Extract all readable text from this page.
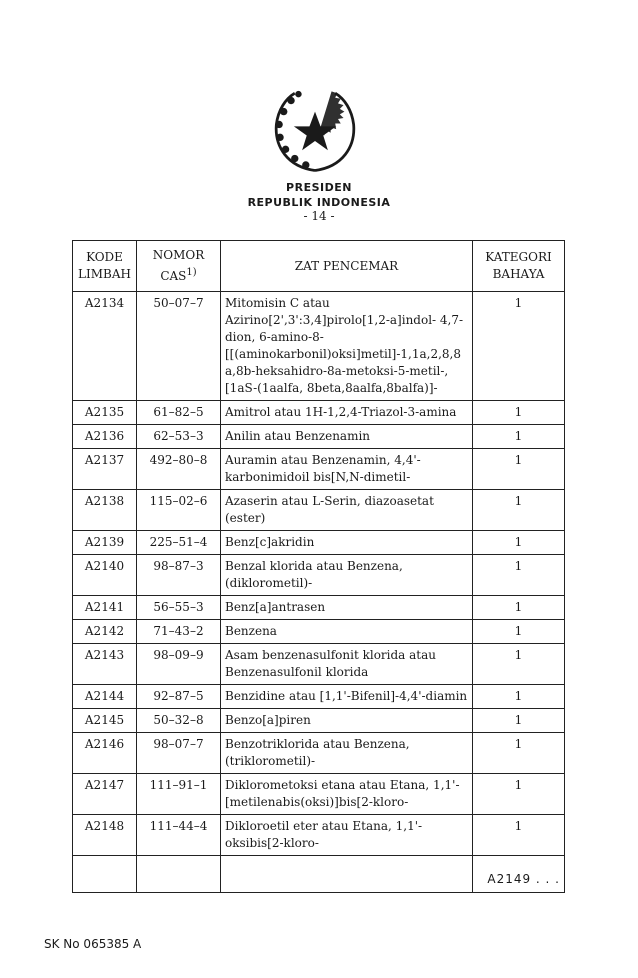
PRESIDEN
REPUBLIK INDONESIA
- 14 -
KODE LIMBAH	NOMOR CAS$^{1)}$	ZAT PENCEMAR	KATEGORI BAHAYA
A2134	50–07–7	Mitomisin C atau Azirino[2',3':3,4]pirolo[1,2-a]indol- 4,7-dion, 6-amino-8-[[(aminokarbonil)oksi]metil]-1,1a,2,8,8a,8b-heksahidro-8a-metoksi-5-metil-, [1aS-(1aalfa, 8beta,8aalfa,8balfa)]-	1
A2135	61–82–5	Amitrol atau 1H-1,2,4-Triazol-3-amina	1
A2136	62–53–3	Anilin atau Benzenamin	1
A2137	492–80–8	Auramin atau Benzenamin, 4,4'-karbonimidoil bis[N,N-dimetil-	1
A2138	115–02–6	Azaserin atau L-Serin, diazoasetat (ester)	1
A2139	225–51–4	Benz[c]akridin	1
A2140	98–87–3	Benzal klorida atau Benzena, (diklorometil)-	1
A2141	56–55–3	Benz[a]antrasen	1
A2142	71–43–2	Benzena	1
A2143	98–09–9	Asam benzenasulfonit klorida atau Benzenasulfonil klorida	1
A2144	92–87–5	Benzidine atau [1,1'-Bifenil]-4,4'-diamin	1
A2145	50–32–8	Benzo[a]piren	1
A2146	98–07–7	Benzotriklorida atau Benzena, (triklorometil)-	1
A2147	111–91–1	Diklorometoksi etana atau Etana, 1,1'-[metilenabis(oksi)]bis[2-kloro-	1
A2148	111–44–4	Dikloroetil eter atau Etana, 1,1'-oksibis[2-kloro-	1

A2149 . . .
SK No 065385 A
